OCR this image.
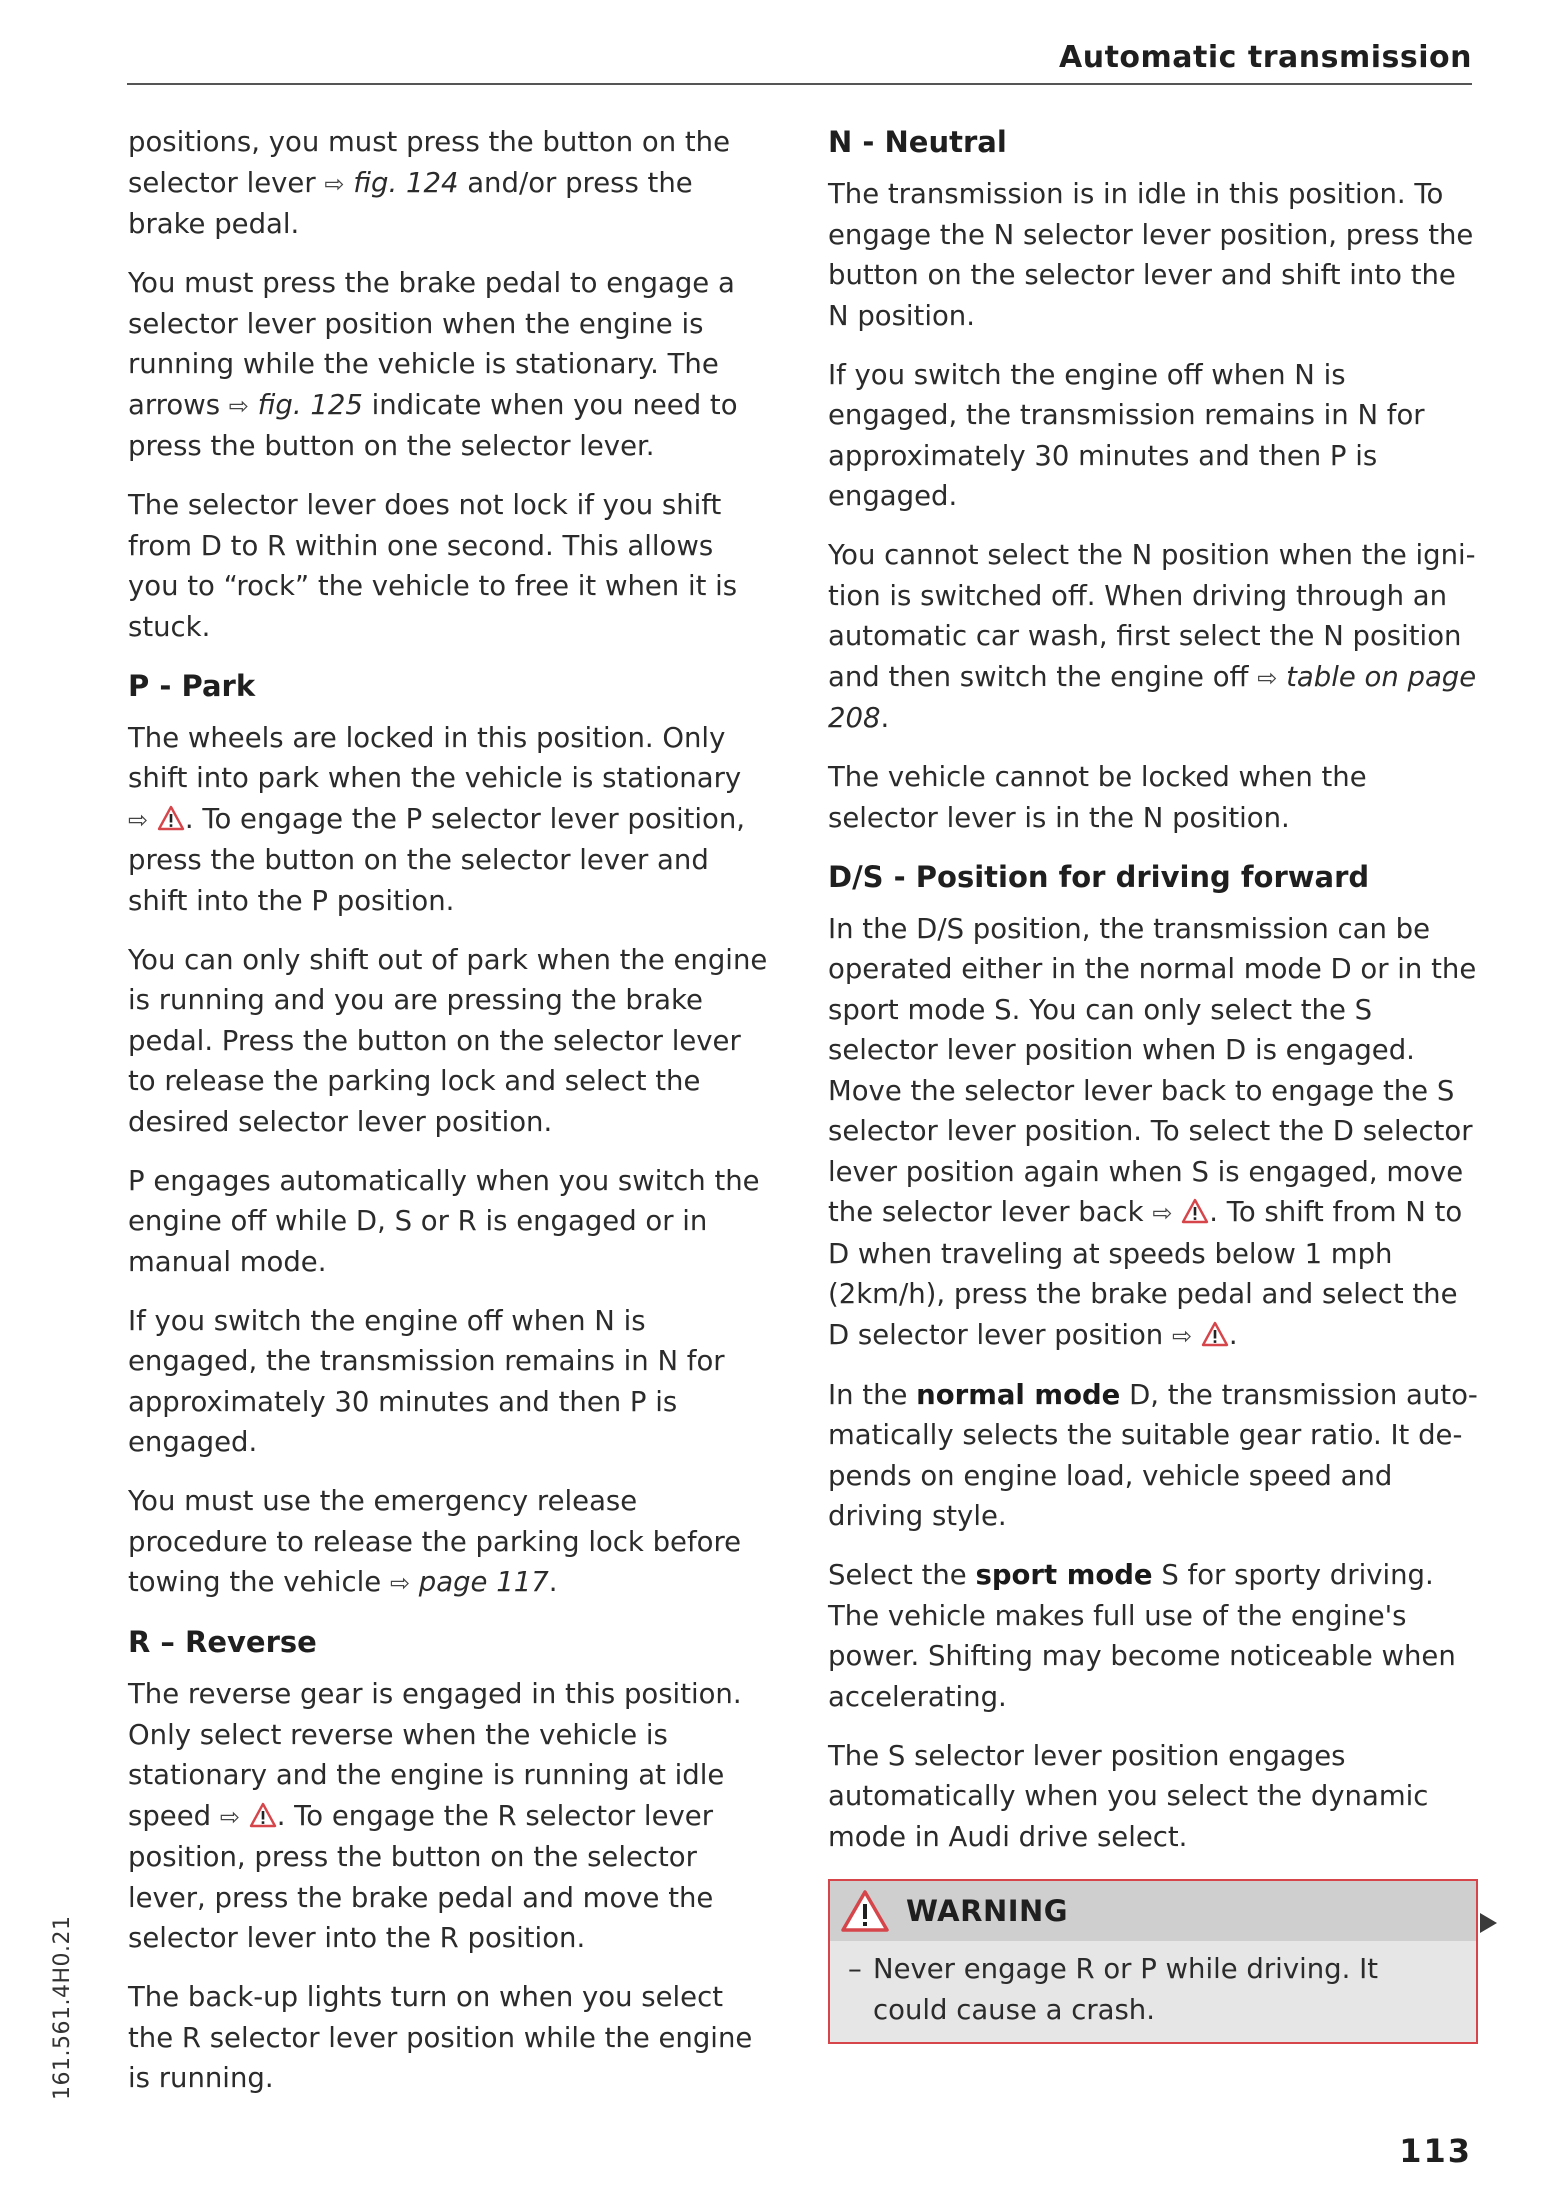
Automatic transmission

positions, you must press the button on the selector lever ⇨ fig. 124 and/or press the brake pedal.

You must press the brake pedal to engage a selector lever position when the engine is running while the vehicle is stationary. The arrows ⇨ fig. 125 indicate when you need to press the button on the selector lever.

The selector lever does not lock if you shift from D to R within one second. This allows you to “rock” the vehicle to free it when it is stuck.

P - Park

The wheels are locked in this position. Only shift into park when the vehicle is stationary ⇨ . To engage the P selector lever position, press the button on the selector lever and shift into the P position.

You can only shift out of park when the engine is running and you are pressing the brake pedal. Press the button on the selector lever to release the parking lock and select the desired selector lever position.

P engages automatically when you switch the engine off while D, S or R is engaged or in manual mode.

If you switch the engine off when N is engaged, the transmission remains in N for approximately 30 minutes and then P is engaged.

You must use the emergency release procedure to release the parking lock before towing the vehicle ⇨ page 117.

R – Reverse

The reverse gear is engaged in this position. Only select reverse when the vehicle is stationary and the engine is running at idle speed ⇨ . To engage the R selector lever position, press the button on the selector lever, press the brake pedal and move the selector lever into the R position.

The back-up lights turn on when you select the R selector lever position while the engine is running.

N - Neutral

The transmission is in idle in this position. To engage the N selector lever position, press the button on the selector lever and shift into the N position.

If you switch the engine off when N is engaged, the transmission remains in N for approximately 30 minutes and then P is engaged.

You cannot select the N position when the ignition is switched off. When driving through an automatic car wash, first select the N position and then switch the engine off ⇨ table on page 208.

The vehicle cannot be locked when the selector lever is in the N position.

D/S - Position for driving forward

In the D/S position, the transmission can be operated either in the normal mode D or in the sport mode S. You can only select the S selector lever position when D is engaged. Move the selector lever back to engage the S selector lever position. To select the D selector lever position again when S is engaged, move the selector lever back ⇨ . To shift from N to D when traveling at speeds below 1 mph (2km/h), press the brake pedal and select the D selector lever position ⇨ .

In the normal mode D, the transmission automatically selects the suitable gear ratio. It depends on engine load, vehicle speed and driving style.

Select the sport mode S for sporty driving. The vehicle makes full use of the engine's power. Shifting may become noticeable when accelerating.

The S selector lever position engages automatically when you select the dynamic mode in Audi drive select.

WARNING
– Never engage R or P while driving. It could cause a crash.
161.561.4H0.21
113
